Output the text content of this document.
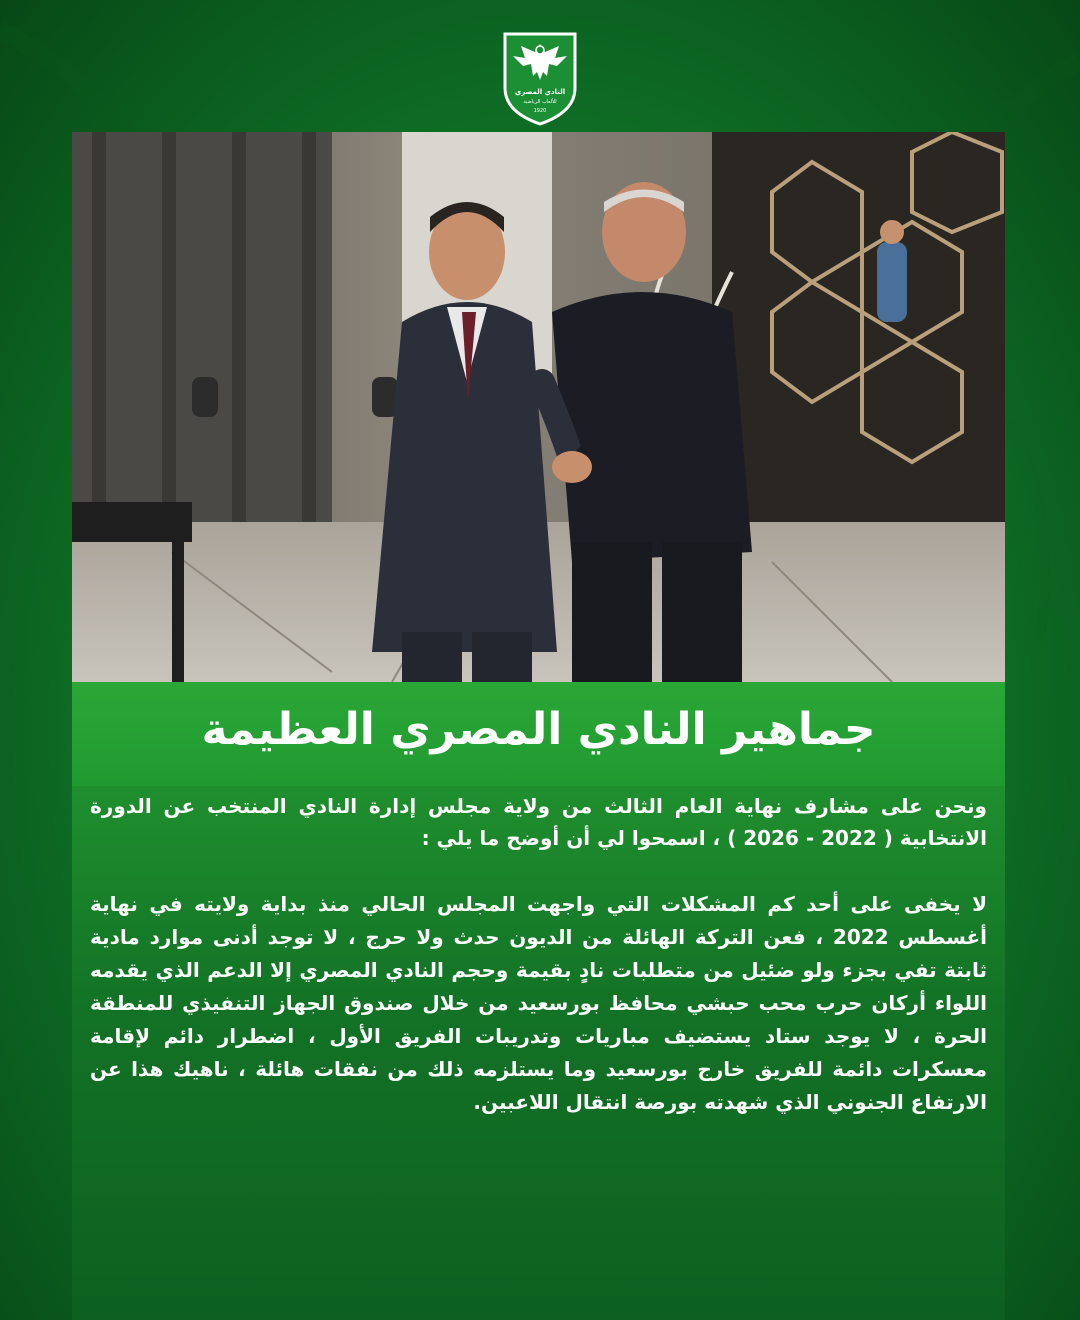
النادي المصري
للألعاب الرياضية
1920
جماهير النادي المصري العظيمة

ونحن على مشارف نهاية العام الثالث من ولاية مجلس إدارة النادي المنتخب عن الدورة الانتخابية ( 2022 - 2026 ) ، اسمحوا لي أن أوضح ما يلي :

لا يخفى على أحد كم المشكلات التي واجهت المجلس الحالي منذ بداية ولايته في نهاية أغسطس 2022 ، فعن التركة الهائلة من الديون حدث ولا حرج ، لا توجد أدنى موارد مادية ثابتة تفي بجزء ولو ضئيل من متطلبات نادٍ بقيمة وحجم النادي المصري إلا الدعم الذي يقدمه اللواء أركان حرب محب حبشي محافظ بورسعيد من خلال صندوق الجهاز التنفيذي للمنطقة الحرة ، لا يوجد ستاد يستضيف مباريات وتدريبات الفريق الأول ، اضطرار دائم لإقامة معسكرات دائمة للفريق خارج بورسعيد وما يستلزمه ذلك من نفقات هائلة ، ناهيك هذا عن الارتفاع الجنوني الذي شهدته بورصة انتقال اللاعبين.
